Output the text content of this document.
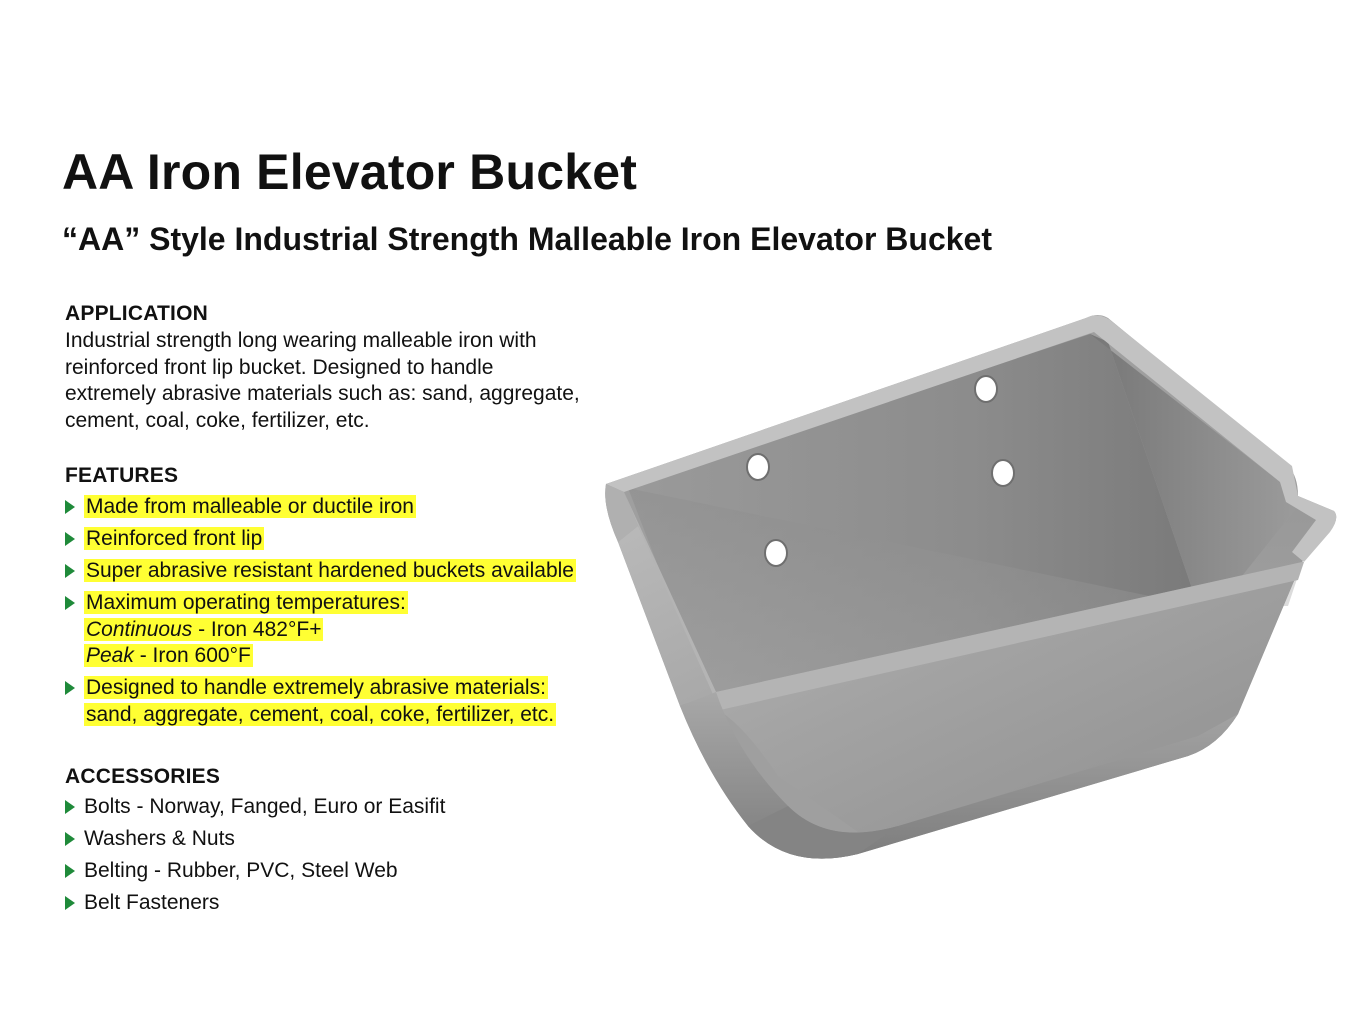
AA Iron Elevator Bucket
“AA” Style Industrial Strength Malleable Iron Elevator Bucket
APPLICATION

Industrial strength long wearing malleable iron with
reinforced front lip bucket. Designed to handle
extremely abrasive materials such as: sand, aggregate,
cement, coal, coke, fertilizer, etc.

FEATURES
Made from malleable or ductile iron
Reinforced front lip
Super abrasive resistant hardened buckets available
Maximum operating temperatures:
Continuous - Iron 482°F+
Peak - Iron 600°F
Designed to handle extremely abrasive materials:
sand, aggregate, cement, coal, coke, fertilizer, etc.
ACCESSORIES
Bolts - Norway, Fanged, Euro or Easifit
Washers & Nuts
Belting - Rubber, PVC, Steel Web
Belt Fasteners
